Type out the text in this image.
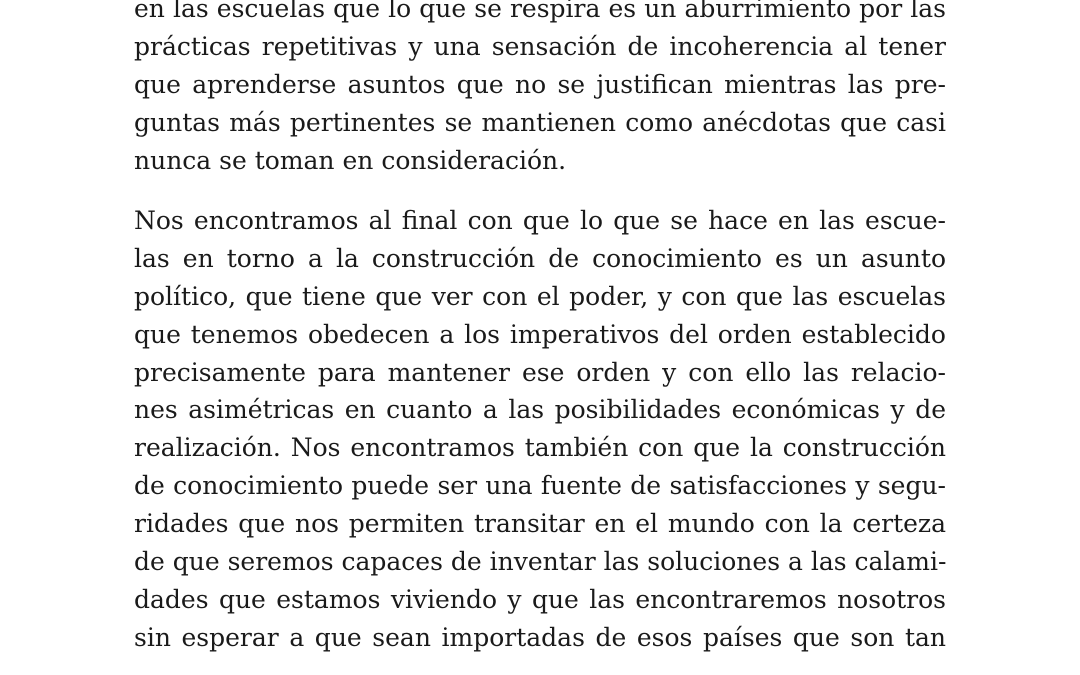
en las escuelas que lo que se respira es un aburrimiento por las
prácticas repetitivas y una sensación de incoherencia al tener
que aprenderse asuntos que no se justifican mientras las pre-
guntas más pertinentes se mantienen como anécdotas que casi
nunca se toman en consideración.
Nos encontramos al final con que lo que se hace en las escue-
las en torno a la construcción de conocimiento es un asunto
político, que tiene que ver con el poder, y con que las escuelas
que tenemos obedecen a los imperativos del orden establecido
precisamente para mantener ese orden y con ello las relacio-
nes asimétricas en cuanto a las posibilidades económicas y de
realización. Nos encontramos también con que la construcción
de conocimiento puede ser una fuente de satisfacciones y segu-
ridades que nos permiten transitar en el mundo con la certeza
de que seremos capaces de inventar las soluciones a las calami-
dades que estamos viviendo y que las encontraremos nosotros
sin esperar a que sean importadas de esos países que son tan
